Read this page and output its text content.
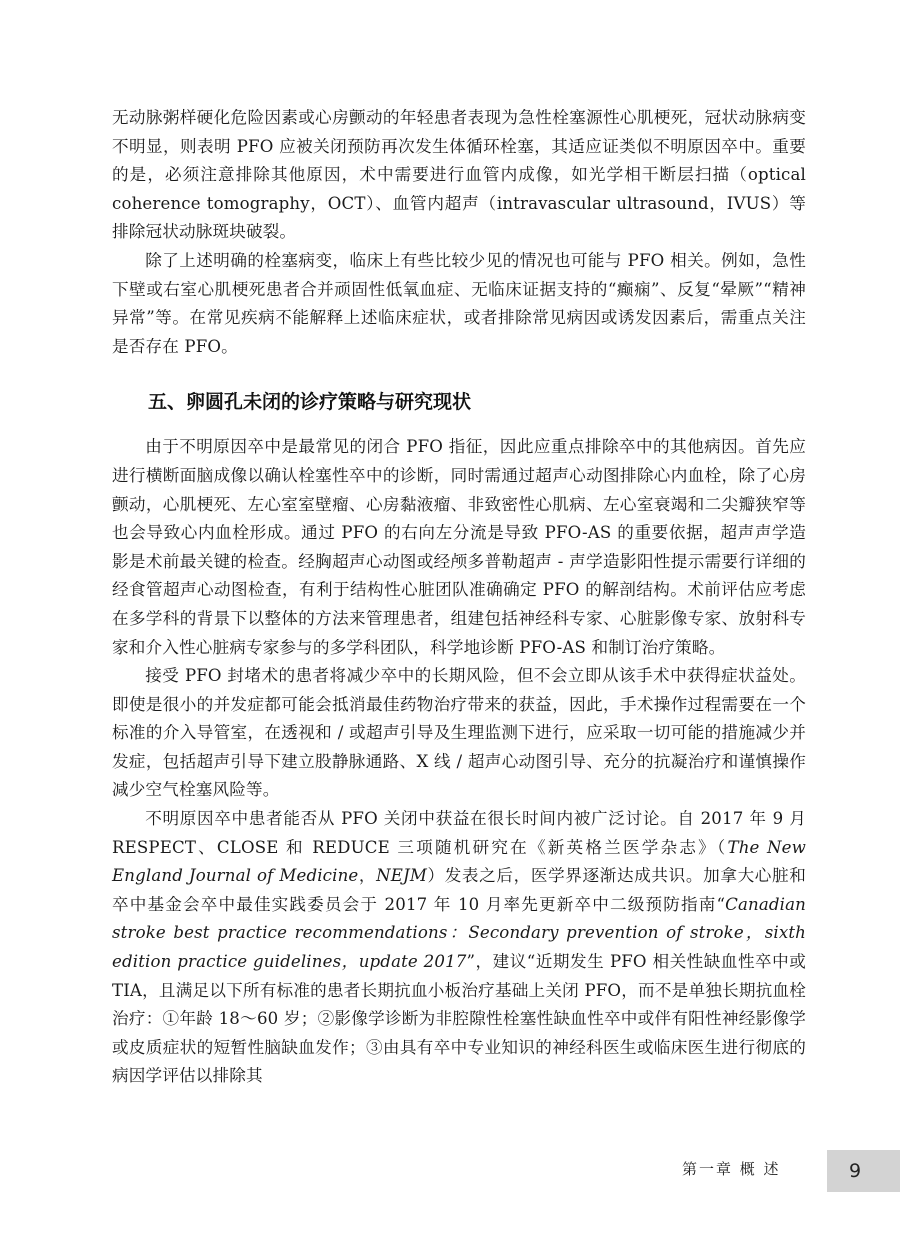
无动脉粥样硬化危险因素或心房颤动的年轻患者表现为急性栓塞源性心肌梗死，冠状动脉病变不明显，则表明 PFO 应被关闭预防再次发生体循环栓塞，其适应证类似不明原因卒中。重要的是，必须注意排除其他原因，术中需要进行血管内成像，如光学相干断层扫描（optical coherence tomography，OCT）、血管内超声（intravascular ultrasound，IVUS）等排除冠状动脉斑块破裂。

除了上述明确的栓塞病变，临床上有些比较少见的情况也可能与 PFO 相关。例如，急性下壁或右室心肌梗死患者合并顽固性低氧血症、无临床证据支持的“癫痫”、反复“晕厥”“精神异常”等。在常见疾病不能解释上述临床症状，或者排除常见病因或诱发因素后，需重点关注是否存在 PFO。

五、卵圆孔未闭的诊疗策略与研究现状

由于不明原因卒中是最常见的闭合 PFO 指征，因此应重点排除卒中的其他病因。首先应进行横断面脑成像以确认栓塞性卒中的诊断，同时需通过超声心动图排除心内血栓，除了心房颤动，心肌梗死、左心室室壁瘤、心房黏液瘤、非致密性心肌病、左心室衰竭和二尖瓣狭窄等也会导致心内血栓形成。通过 PFO 的右向左分流是导致 PFO-AS 的重要依据，超声声学造影是术前最关键的检查。经胸超声心动图或经颅多普勒超声 - 声学造影阳性提示需要行详细的经食管超声心动图检查，有利于结构性心脏团队准确确定 PFO 的解剖结构。术前评估应考虑在多学科的背景下以整体的方法来管理患者，组建包括神经科专家、心脏影像专家、放射科专家和介入性心脏病专家参与的多学科团队，科学地诊断 PFO-AS 和制订治疗策略。

接受 PFO 封堵术的患者将减少卒中的长期风险，但不会立即从该手术中获得症状益处。即使是很小的并发症都可能会抵消最佳药物治疗带来的获益，因此，手术操作过程需要在一个标准的介入导管室，在透视和 / 或超声引导及生理监测下进行，应采取一切可能的措施减少并发症，包括超声引导下建立股静脉通路、X 线 / 超声心动图引导、充分的抗凝治疗和谨慎操作减少空气栓塞风险等。

不明原因卒中患者能否从 PFO 关闭中获益在很长时间内被广泛讨论。自 2017 年 9 月 RESPECT、CLOSE 和 REDUCE 三项随机研究在《新英格兰医学杂志》（The New England Journal of Medicine，NEJM）发表之后，医学界逐渐达成共识。加拿大心脏和卒中基金会卒中最佳实践委员会于 2017 年 10 月率先更新卒中二级预防指南“Canadian stroke best practice recommendations：Secondary prevention of stroke，sixth edition practice guidelines，update 2017”，建议“近期发生 PFO 相关性缺血性卒中或 TIA，且满足以下所有标准的患者长期抗血小板治疗基础上关闭 PFO，而不是单独长期抗血栓治疗：①年龄 18～60 岁；②影像学诊断为非腔隙性栓塞性缺血性卒中或伴有阳性神经影像学或皮质症状的短暂性脑缺血发作；③由具有卒中专业知识的神经科医生或临床医生进行彻底的病因学评估以排除其

第一章 概 述	9
